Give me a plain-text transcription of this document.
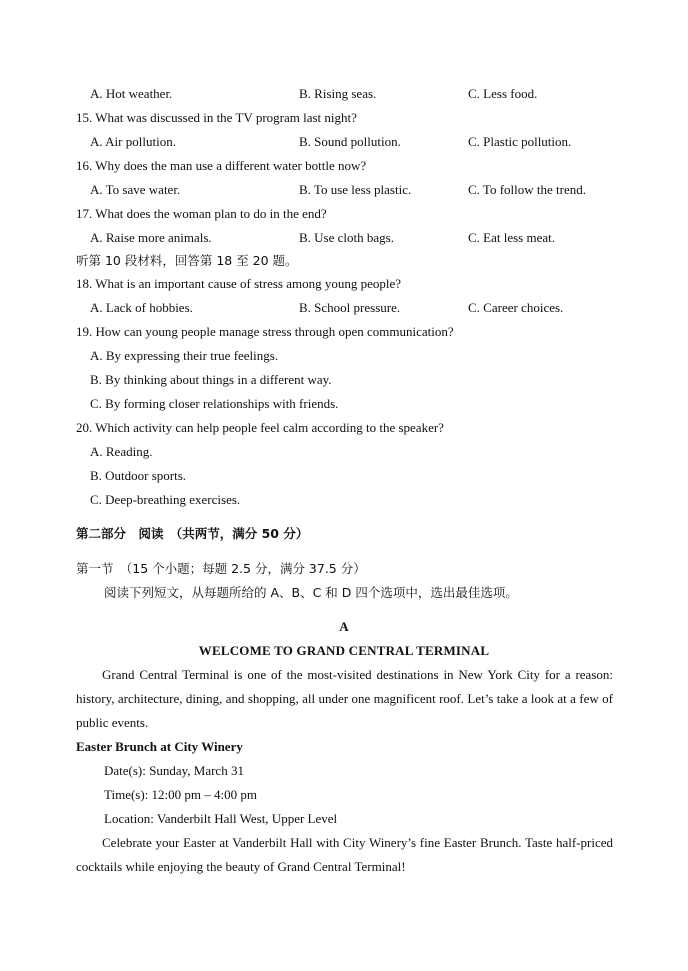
A. Hot weather.	B. Rising seas.	C. Less food.
15. What was discussed in the TV program last night?
A. Air pollution.	B. Sound pollution.	C. Plastic pollution.
16. Why does the man use a different water bottle now?
A. To save water.	B. To use less plastic.	C. To follow the trend.
17. What does the woman plan to do in the end?
A. Raise more animals.	B. Use cloth bags.	C. Eat less meat.
听第 10 段材料，回答第 18 至 20 题。
18. What is an important cause of stress among young people?
A. Lack of hobbies.	B. School pressure.	C. Career choices.
19. How can young people manage stress through open communication?
A. By expressing their true feelings.
B. By thinking about things in a different way.
C. By forming closer relationships with friends.
20. Which activity can help people feel calm according to the speaker?
A. Reading.
B. Outdoor sports.
C. Deep-breathing exercises.
第二部分　阅读　（共两节，满分 50 分）
第一节　（15 个小题；每题 2.5 分，满分 37.5 分）
阅读下列短文，从每题所给的 A、B、C 和 D 四个选项中，选出最佳选项。
A
WELCOME TO GRAND CENTRAL TERMINAL
Grand Central Terminal is one of the most-visited destinations in New York City for a reason: history, architecture, dining, and shopping, all under one magnificent roof. Let’s take a look at a few of public events.
Easter Brunch at City Winery
Date(s): Sunday, March 31
Time(s): 12:00 pm – 4:00 pm
Location: Vanderbilt Hall West, Upper Level
Celebrate your Easter at Vanderbilt Hall with City Winery’s fine Easter Brunch. Taste half-priced cocktails while enjoying the beauty of Grand Central Terminal!
